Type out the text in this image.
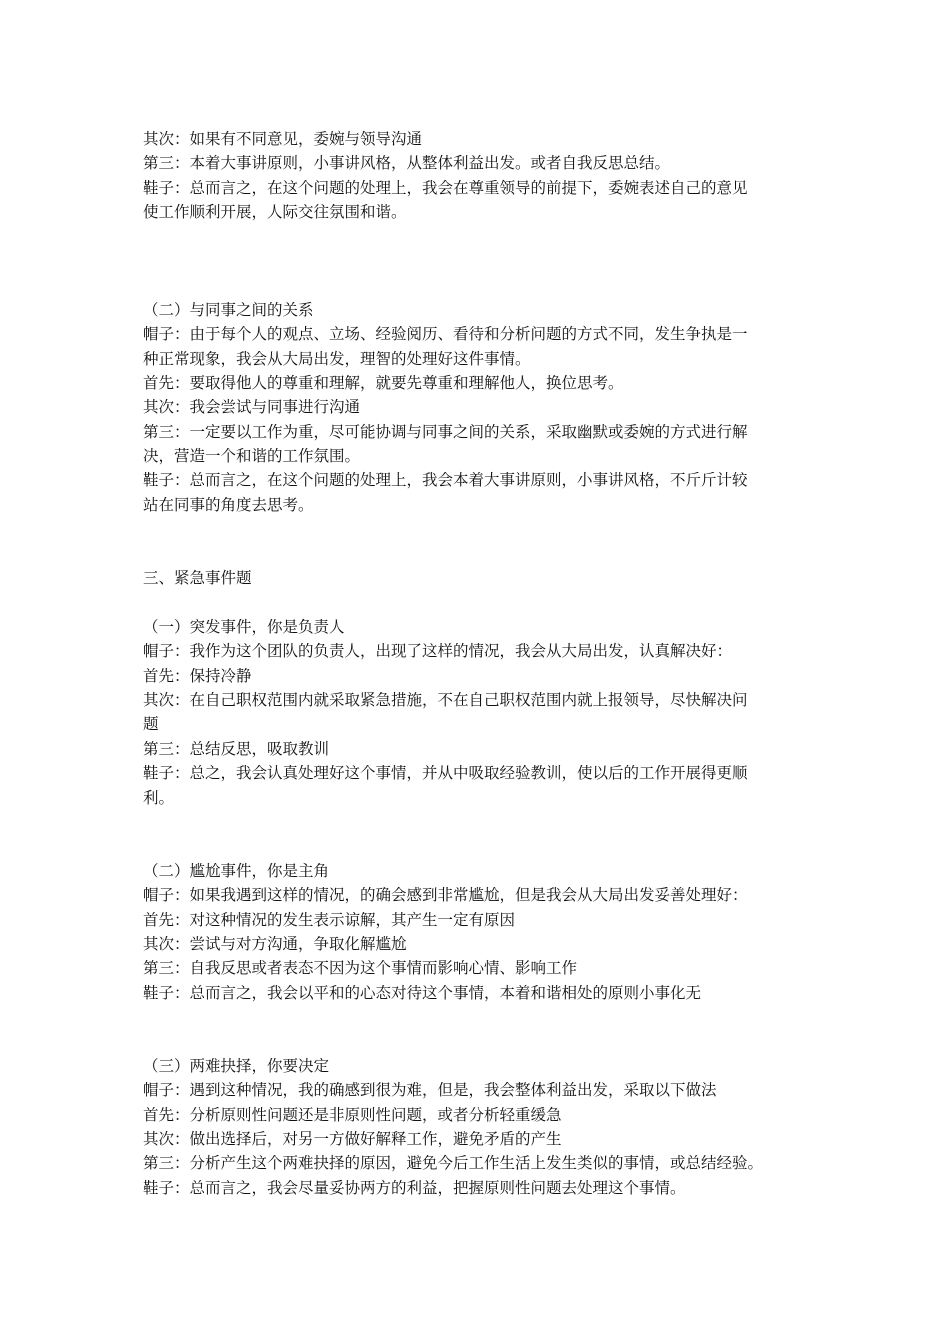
其次：如果有不同意见，委婉与领导沟通
第三：本着大事讲原则，小事讲风格，从整体利益出发。或者自我反思总结。
鞋子：总而言之，在这个问题的处理上，我会在尊重领导的前提下，委婉表述自己的意见
使工作顺利开展，人际交往氛围和谐。
（二）与同事之间的关系
帽子：由于每个人的观点、立场、经验阅历、看待和分析问题的方式不同，发生争执是一
种正常现象，我会从大局出发，理智的处理好这件事情。
首先：要取得他人的尊重和理解，就要先尊重和理解他人，换位思考。
其次：我会尝试与同事进行沟通
第三：一定要以工作为重，尽可能协调与同事之间的关系，采取幽默或委婉的方式进行解
决，营造一个和谐的工作氛围。
鞋子：总而言之，在这个问题的处理上，我会本着大事讲原则，小事讲风格，不斤斤计较
站在同事的角度去思考。
三、紧急事件题
（一）突发事件，你是负责人
帽子：我作为这个团队的负责人，出现了这样的情况，我会从大局出发，认真解决好：
首先：保持冷静
其次：在自己职权范围内就采取紧急措施，不在自己职权范围内就上报领导，尽快解决问
题
第三：总结反思，吸取教训
鞋子：总之，我会认真处理好这个事情，并从中吸取经验教训，使以后的工作开展得更顺
利。
（二）尴尬事件，你是主角
帽子：如果我遇到这样的情况，的确会感到非常尴尬，但是我会从大局出发妥善处理好：
首先：对这种情况的发生表示谅解，其产生一定有原因
其次：尝试与对方沟通，争取化解尴尬
第三：自我反思或者表态不因为这个事情而影响心情、影响工作
鞋子：总而言之，我会以平和的心态对待这个事情，本着和谐相处的原则小事化无
（三）两难抉择，你要决定
帽子：遇到这种情况，我的确感到很为难，但是，我会整体利益出发，采取以下做法
首先：分析原则性问题还是非原则性问题，或者分析轻重缓急
其次：做出选择后，对另一方做好解释工作，避免矛盾的产生
第三：分析产生这个两难抉择的原因，避免今后工作生活上发生类似的事情，或总结经验。
鞋子：总而言之，我会尽量妥协两方的利益，把握原则性问题去处理这个事情。
